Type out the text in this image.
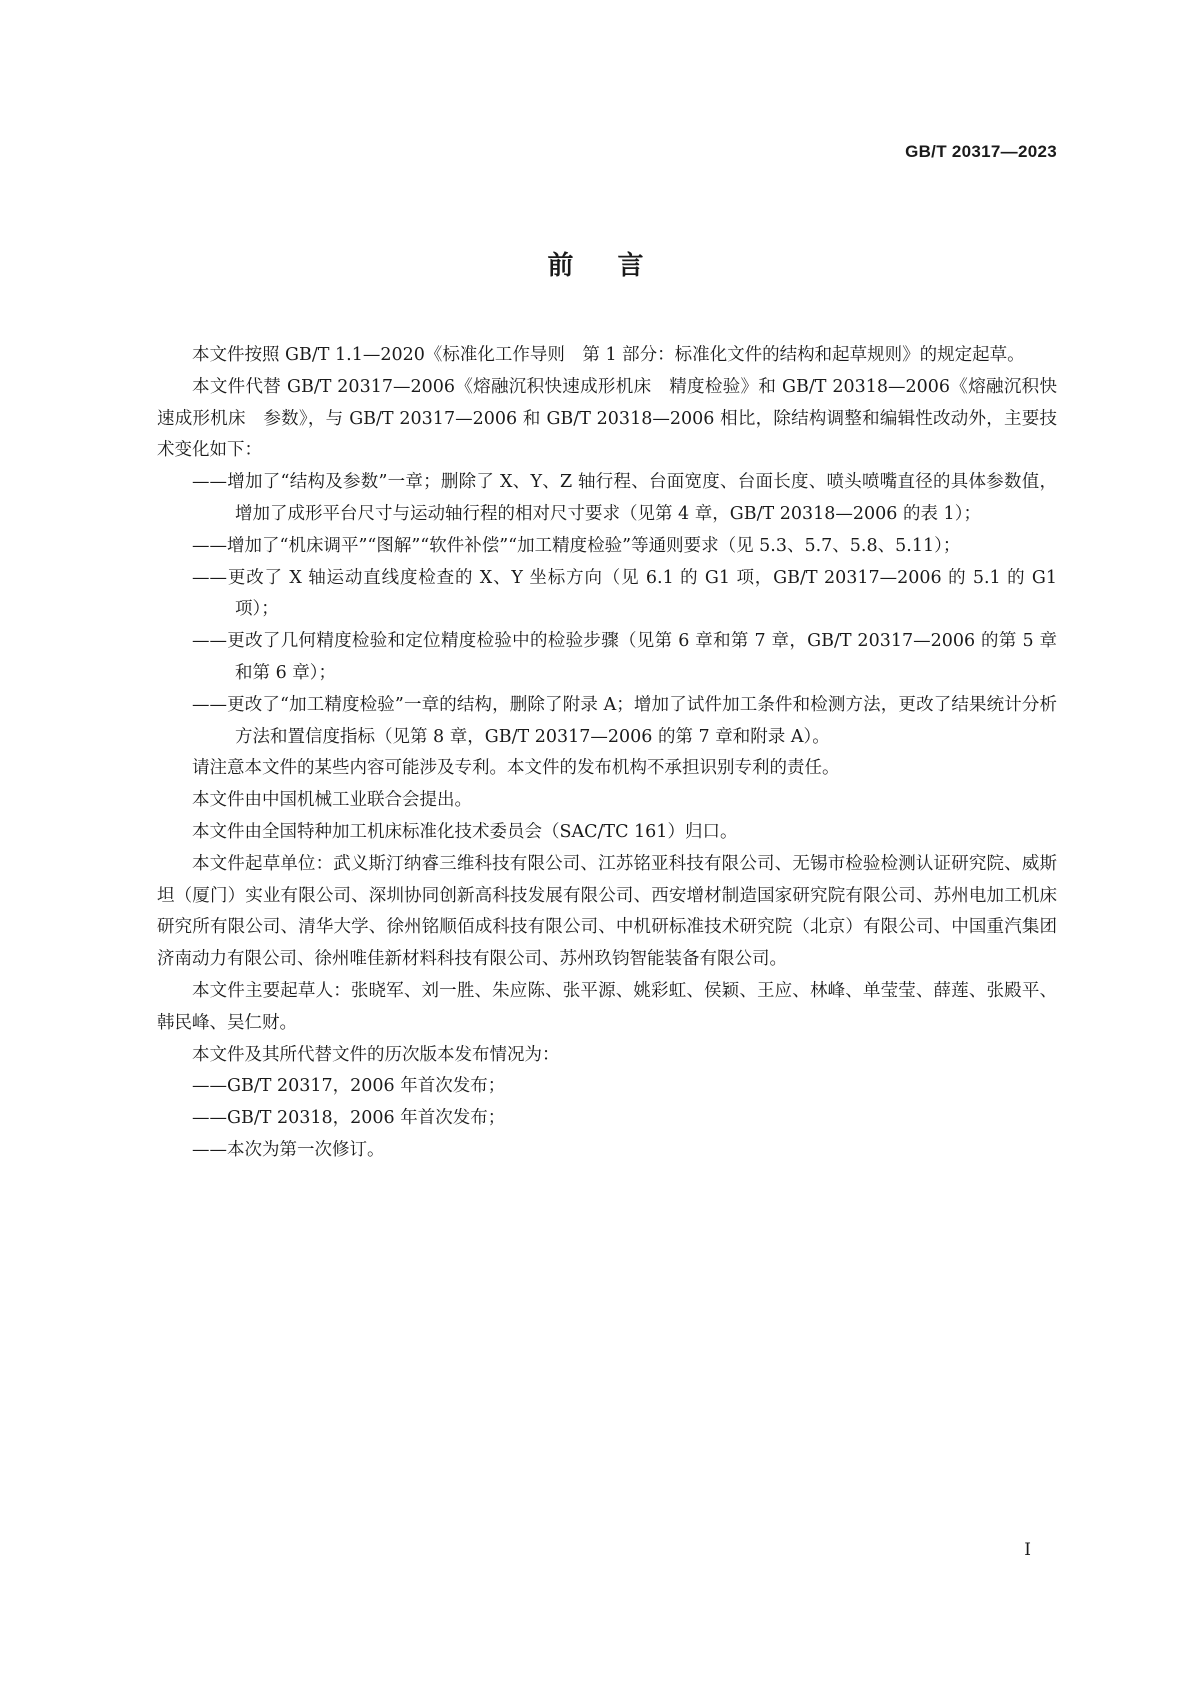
GB/T 20317—2023
前言

本文件按照 GB/T 1.1—2020《标准化工作导则　第 1 部分：标准化文件的结构和起草规则》的规定起草。

本文件代替 GB/T 20317—2006《熔融沉积快速成形机床　精度检验》和 GB/T 20318—2006《熔融沉积快速成形机床　参数》，与 GB/T 20317—2006 和 GB/T 20318—2006 相比，除结构调整和编辑性改动外，主要技术变化如下：

——增加了“结构及参数”一章；删除了 X、Y、Z 轴行程、台面宽度、台面长度、喷头喷嘴直径的具体参数值，增加了成形平台尺寸与运动轴行程的相对尺寸要求（见第 4 章，GB/T 20318—2006 的表 1）；

——增加了“机床调平”“图解”“软件补偿”“加工精度检验”等通则要求（见 5.3、5.7、5.8、5.11）；

——更改了 X 轴运动直线度检查的 X、Y 坐标方向（见 6.1 的 G1 项，GB/T 20317—2006 的 5.1 的 G1 项）；

——更改了几何精度检验和定位精度检验中的检验步骤（见第 6 章和第 7 章，GB/T 20317—2006 的第 5 章和第 6 章）；

——更改了“加工精度检验”一章的结构，删除了附录 A；增加了试件加工条件和检测方法，更改了结果统计分析方法和置信度指标（见第 8 章，GB/T 20317—2006 的第 7 章和附录 A）。

请注意本文件的某些内容可能涉及专利。本文件的发布机构不承担识别专利的责任。

本文件由中国机械工业联合会提出。

本文件由全国特种加工机床标准化技术委员会（SAC/TC 161）归口。

本文件起草单位：武义斯汀纳睿三维科技有限公司、江苏铭亚科技有限公司、无锡市检验检测认证研究院、威斯坦（厦门）实业有限公司、深圳协同创新高科技发展有限公司、西安增材制造国家研究院有限公司、苏州电加工机床研究所有限公司、清华大学、徐州铭顺佰成科技有限公司、中机研标准技术研究院（北京）有限公司、中国重汽集团济南动力有限公司、徐州唯佳新材料科技有限公司、苏州玖钧智能装备有限公司。

本文件主要起草人：张晓军、刘一胜、朱应陈、张平源、姚彩虹、侯颖、王应、林峰、单莹莹、薛莲、张殿平、韩民峰、吴仁财。

本文件及其所代替文件的历次版本发布情况为：

——GB/T 20317，2006 年首次发布；

——GB/T 20318，2006 年首次发布；

——本次为第一次修订。

I
